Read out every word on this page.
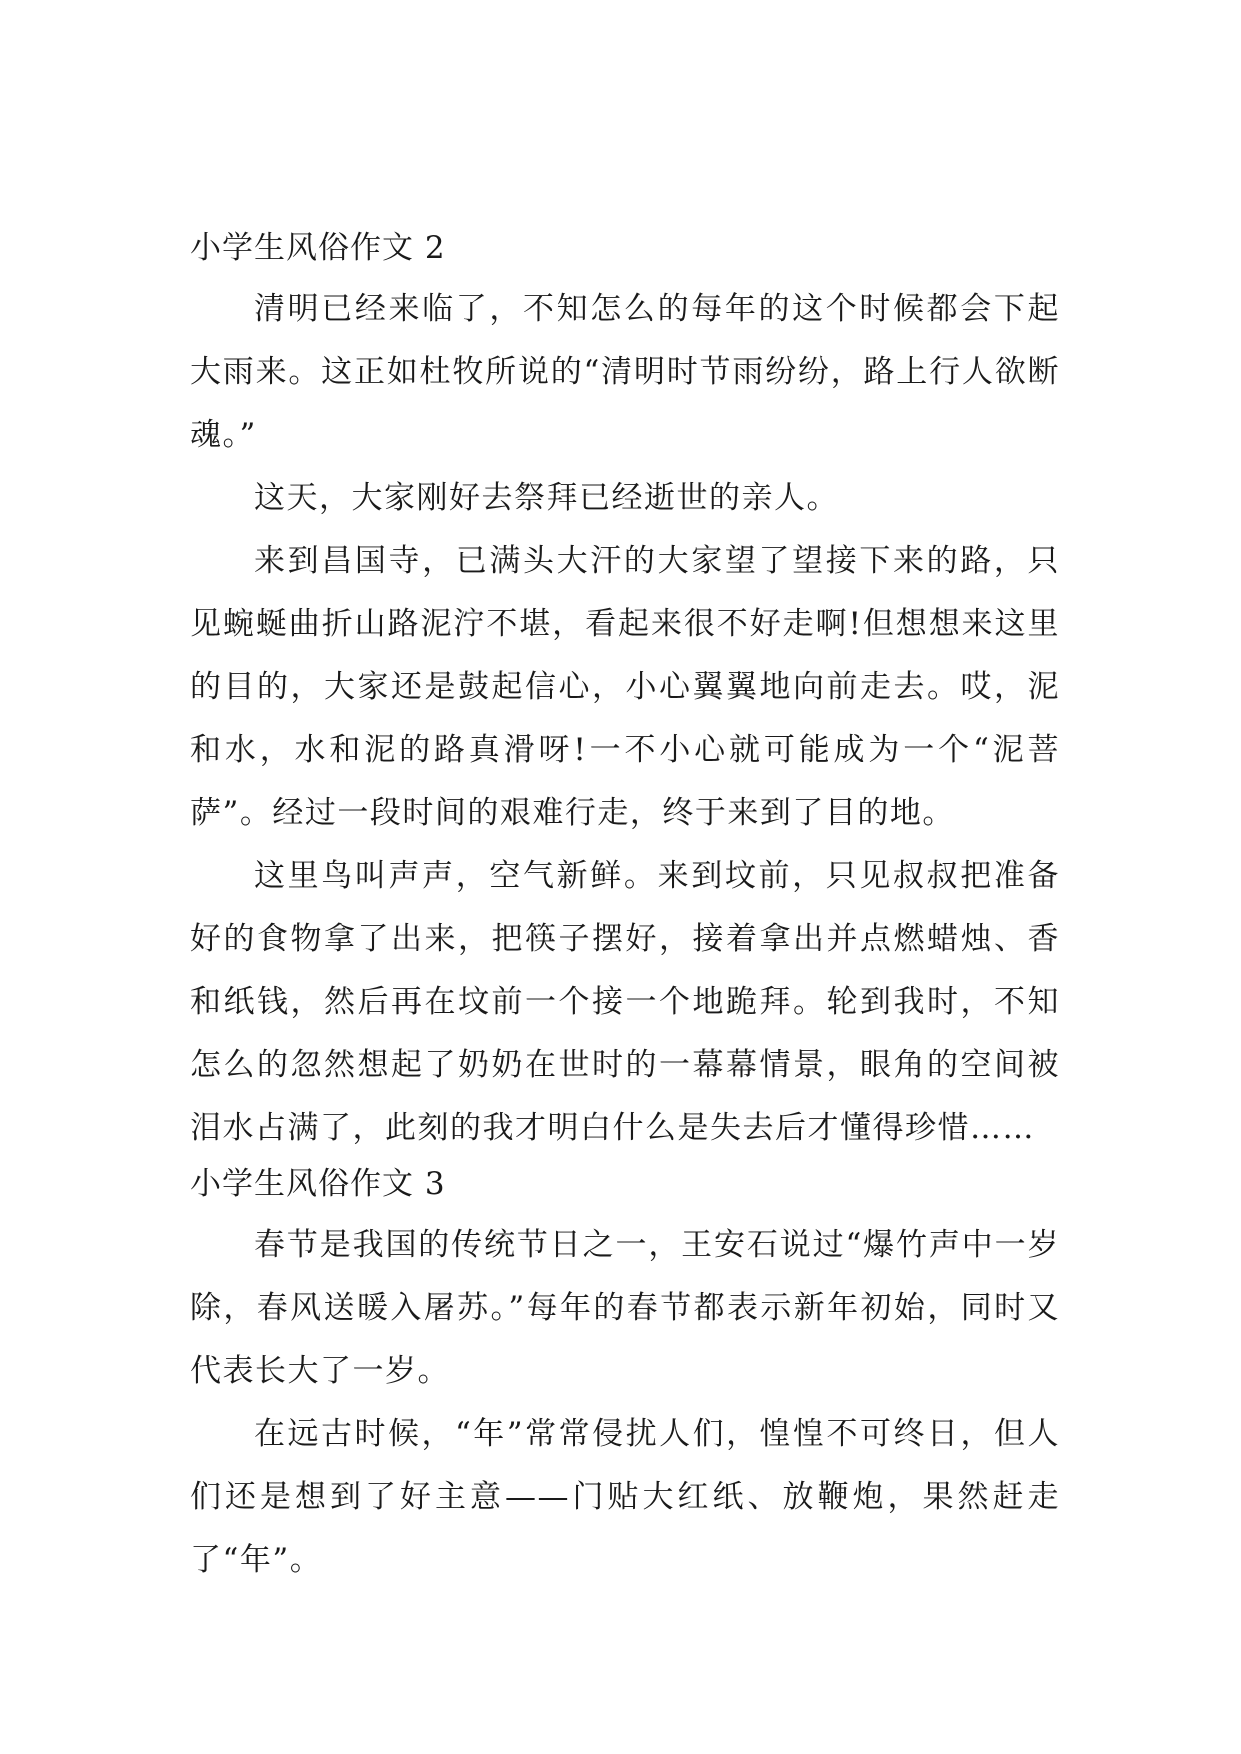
小学生风俗作文 2

清明已经来临了，不知怎么的每年的这个时候都会下起大雨来。这正如杜牧所说的“清明时节雨纷纷，路上行人欲断魂。”

这天，大家刚好去祭拜已经逝世的亲人。

来到昌国寺，已满头大汗的大家望了望接下来的路，只见蜿蜒曲折山路泥泞不堪，看起来很不好走啊!但想想来这里的目的，大家还是鼓起信心，小心翼翼地向前走去。哎，泥和水，水和泥的路真滑呀!一不小心就可能成为一个“泥菩萨”。经过一段时间的艰难行走，终于来到了目的地。

这里鸟叫声声，空气新鲜。来到坟前，只见叔叔把准备好的食物拿了出来，把筷子摆好，接着拿出并点燃蜡烛、香和纸钱，然后再在坟前一个接一个地跪拜。轮到我时，不知怎么的忽然想起了奶奶在世时的一幕幕情景，眼角的空间被泪水占满了，此刻的我才明白什么是失去后才懂得珍惜……

小学生风俗作文 3

春节是我国的传统节日之一，王安石说过“爆竹声中一岁除，春风送暖入屠苏。”每年的春节都表示新年初始，同时又代表长大了一岁。

在远古时候，“年”常常侵扰人们，惶惶不可终日，但人们还是想到了好主意——门贴大红纸、放鞭炮，果然赶走了“年”。
